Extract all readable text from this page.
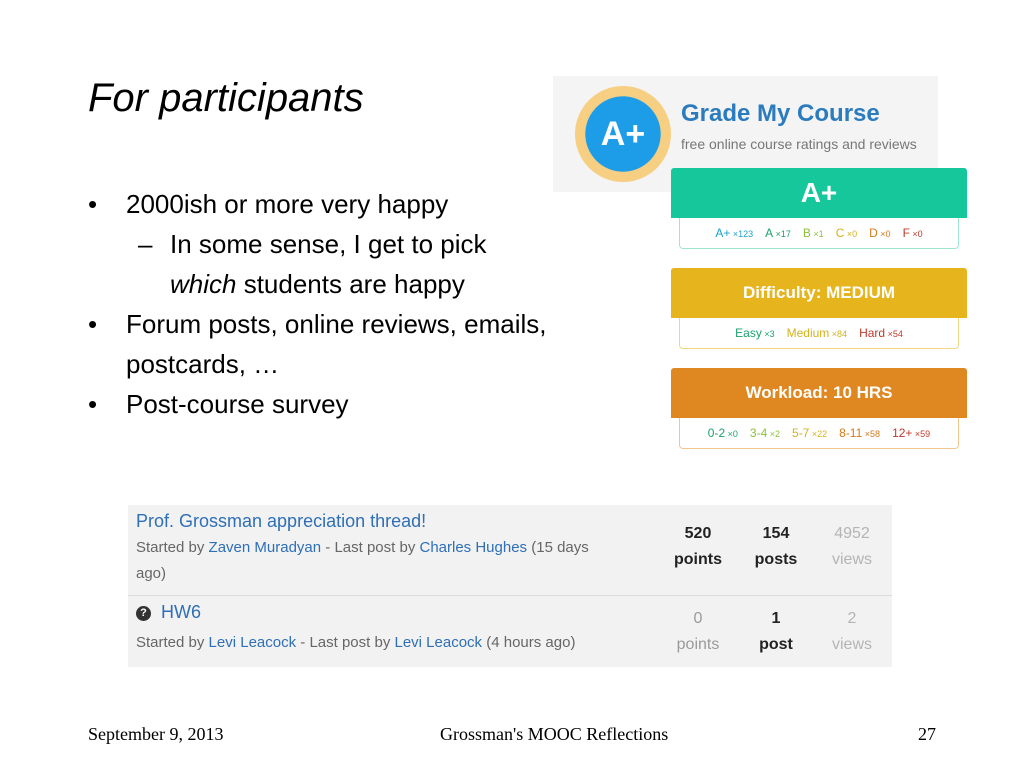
For participants
• 2000ish or more very happy
– In some sense, I get to pick
which students are happy
• Forum posts, online reviews, emails,
postcards, …
• Post-course survey
A+
Grade My Course
free online course ratings and reviews
A+
A+ ×123 A ×17 B ×1 C ×0 D ×0 F ×0
Difficulty: MEDIUM
Easy ×3 Medium ×84 Hard ×54
Workload: 10 HRS
0-2 ×0 3-4 ×2 5-7 ×22 8-11 ×58 12+ ×59
Prof. Grossman appreciation thread!
Started by Zaven Muradyan - Last post by Charles Hughes (15 days ago)
520
points
154
posts
4952
views
? HW6
Started by Levi Leacock - Last post by Levi Leacock (4 hours ago)
0
points
1
post
2
views
September 9, 2013	Grossman's MOOC Reflections	27
